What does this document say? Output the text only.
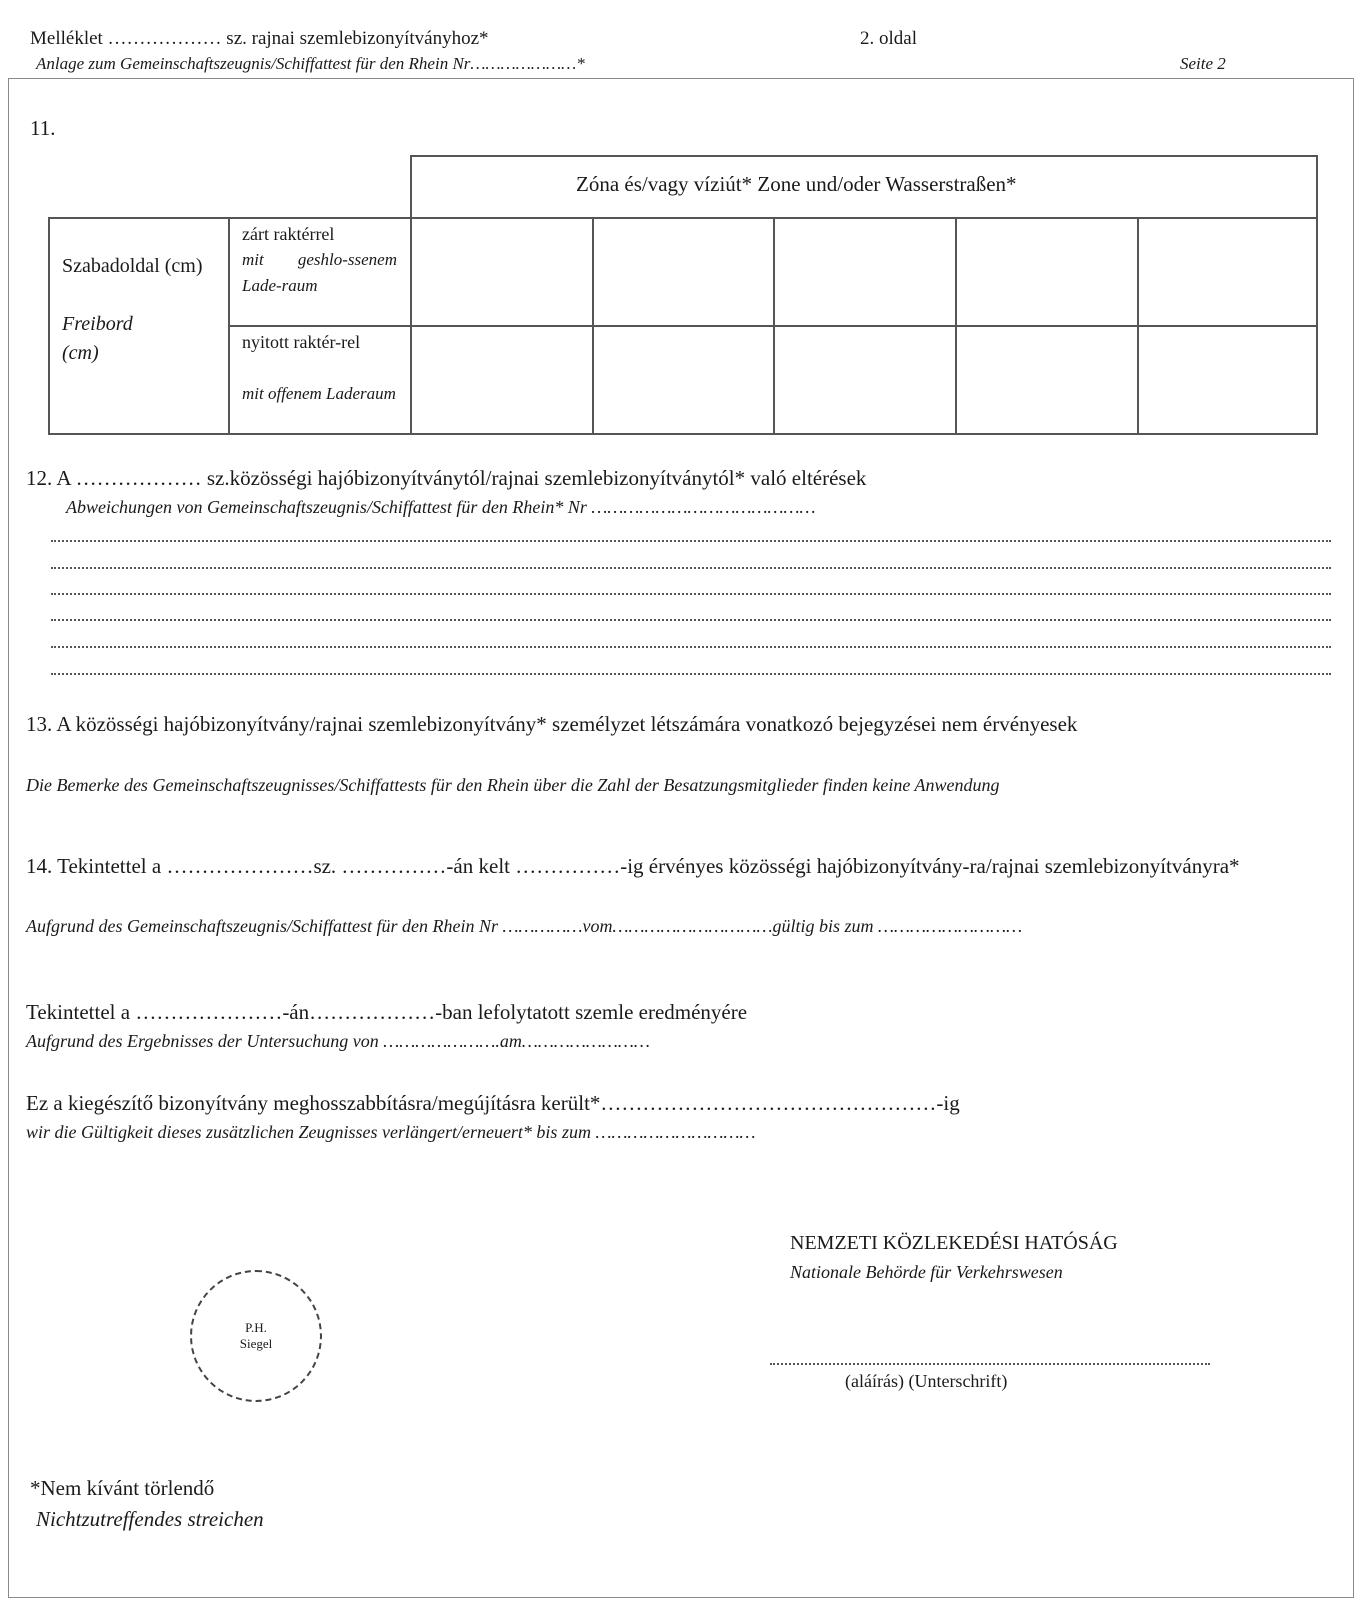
Melléklet ……………… sz. rajnai szemlebizonyítványhoz*	2. oldal
Anlage zum Gemeinschaftszeugnis/Schiffattest für den Rhein Nr…………………*	Seite 2
11.
Zóna és/vagy víziút* Zone und/oder Wasserstraßen*
Szabadoldal (cm)
Freibord (cm)
zárt raktérrel
mit geshlo-ssenem Lade-raum
nyitott raktér-rel
mit offenem Laderaum
12. A ……………… sz.közösségi hajóbizonyítványtól/rajnai szemlebizonyítványtól* való eltérések
Abweichungen von Gemeinschaftszeugnis/Schiffattest für den Rhein* Nr ……………………………………
13. A közösségi hajóbizonyítvány/rajnai szemlebizonyítvány* személyzet létszámára vonatkozó bejegyzései nem érvényesek
Die Bemerke des Gemeinschaftszeugnisses/Schiffattests für den Rhein über die Zahl der Besatzungsmitglieder finden keine Anwendung
14. Tekintettel a …………………sz. ……………-án kelt ……………-ig érvényes közösségi hajóbizonyítvány-ra/rajnai szemlebizonyítványra*
Aufgrund des Gemeinschaftszeugnis/Schiffattest für den Rhein Nr ……………vom…………………………gültig bis zum ………………………
Tekintettel a …………………-án………………-ban lefolytatott szemle eredményére
Aufgrund des Ergebnisses der Untersuchung von ………………….am……………………
Ez a kiegészítő bizonyítvány meghosszabbításra/megújításra került*…………………………………………-ig
wir die Gültigkeit dieses zusätzlichen Zeugnisses verlängert/erneuert* bis zum …………………………
NEMZETI KÖZLEKEDÉSI HATÓSÁG
Nationale Behörde für Verkehrswesen
(aláírás) (Unterschrift)
P.H.
Siegel
*Nem kívánt törlendő
Nichtzutreffendes streichen
